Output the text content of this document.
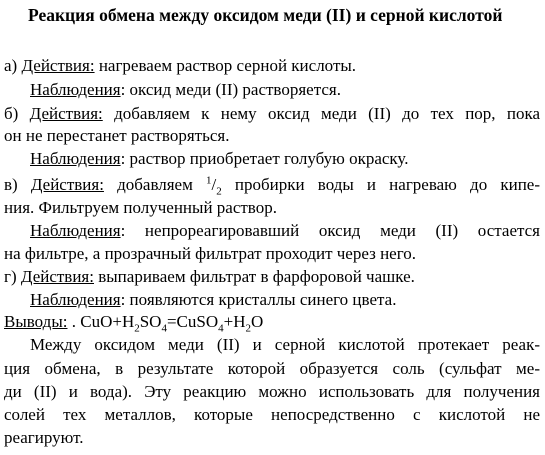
Реакция обмена между оксидом меди (II) и серной кислотой
а) Действия: нагреваем раствор серной кислоты.
Наблюдения: оксид меди (II) растворяется.
б) Действия: добавляем к нему оксид меди (II) до тех пор, пока
он не перестанет растворяться.
Наблюдения: раствор приобретает голубую окраску.
в) Действия: добавляем $^1/_2$ пробирки воды и нагреваю до кипе-
ния. Фильтруем полученный раствор.
Наблюдения: непрореагировавший оксид меди (II) остается
на фильтре, а прозрачный фильтрат проходит через него.
г) Действия: выпариваем фильтрат в фарфоровой чашке.
Наблюдения: появляются кристаллы синего цвета.
Выводы: . $CuO+H_2SO_4=CuSO_4+H_2O$
Между оксидом меди (II) и серной кислотой протекает реак-
ция обмена, в результате которой образуется соль (сульфат ме-
ди (II) и вода). Эту реакцию можно использовать для получения
солей тех металлов, которые непосредственно с кислотой не
реагируют.
